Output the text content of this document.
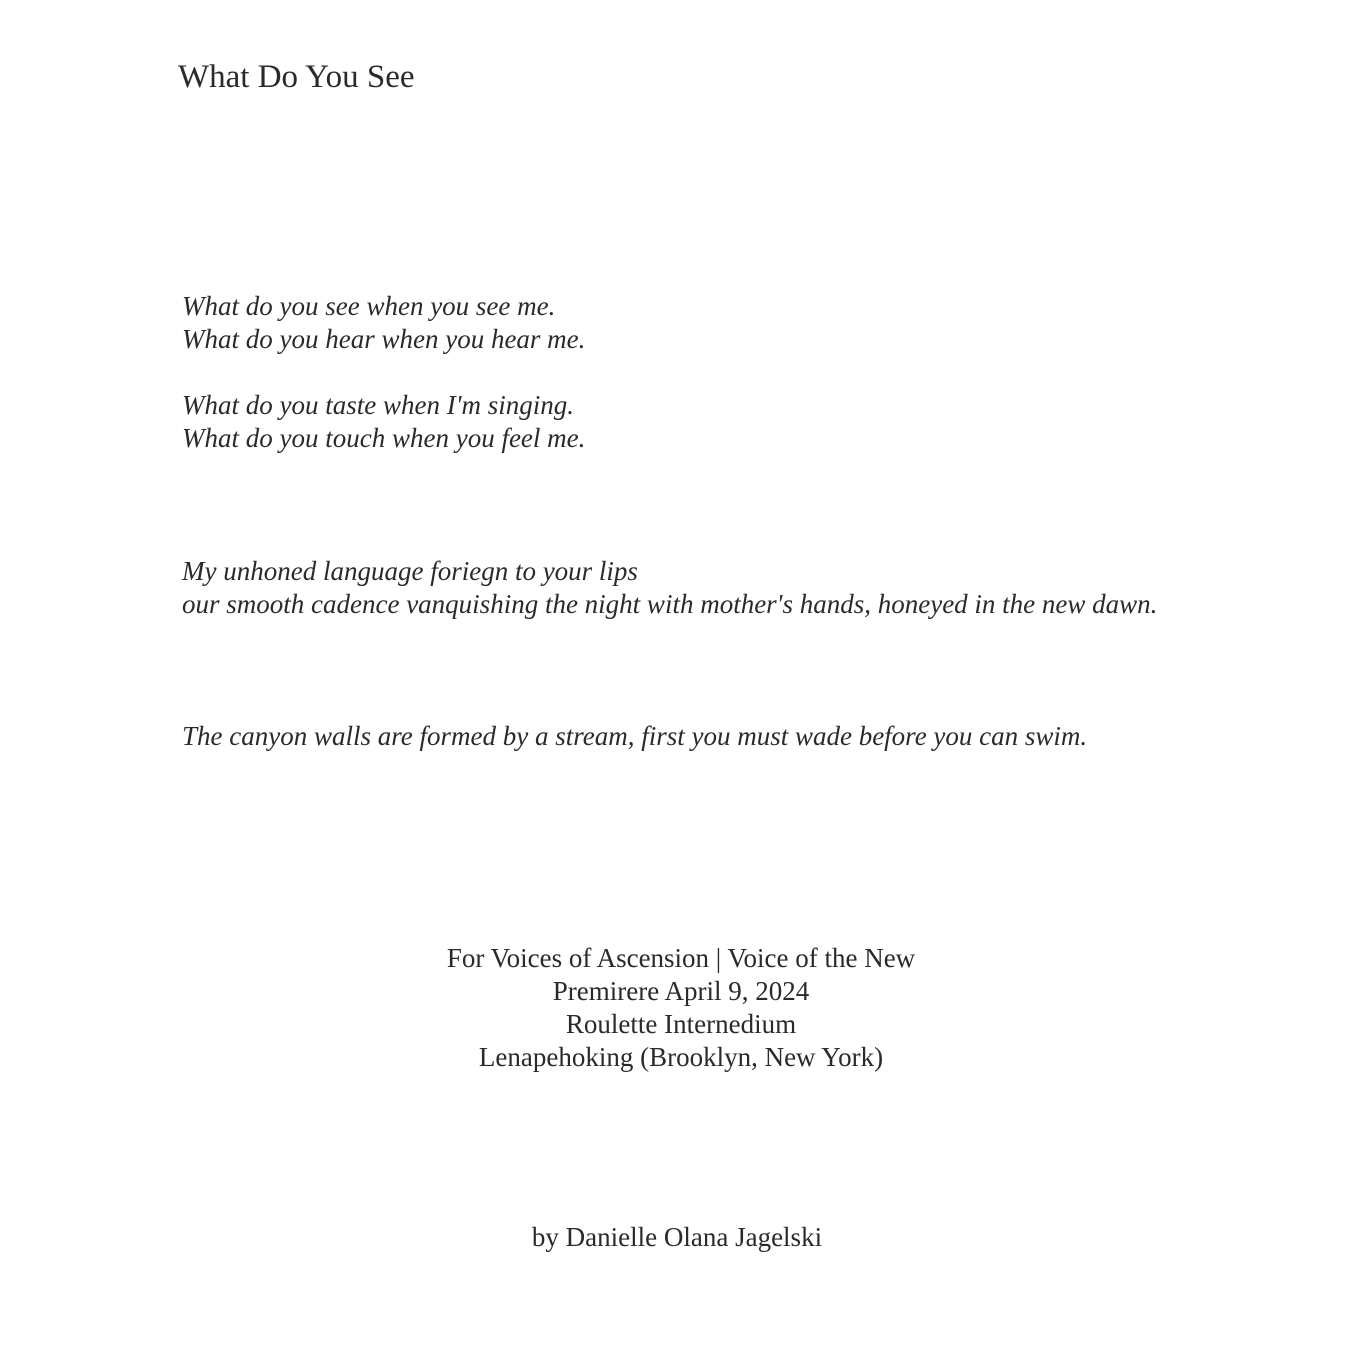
What Do You See
What do you see when you see me.
What do you hear when you hear me.
What do you taste when I'm singing.
What do you touch when you feel me.
My unhoned language foriegn to your lips
our smooth cadence vanquishing the night with mother's hands, honeyed in the new dawn.
The canyon walls are formed by a stream, first you must wade before you can swim.
For Voices of Ascension | Voice of the New
Premirere April 9, 2024
Roulette Internedium
Lenapehoking (Brooklyn, New York)
by Danielle Olana Jagelski
